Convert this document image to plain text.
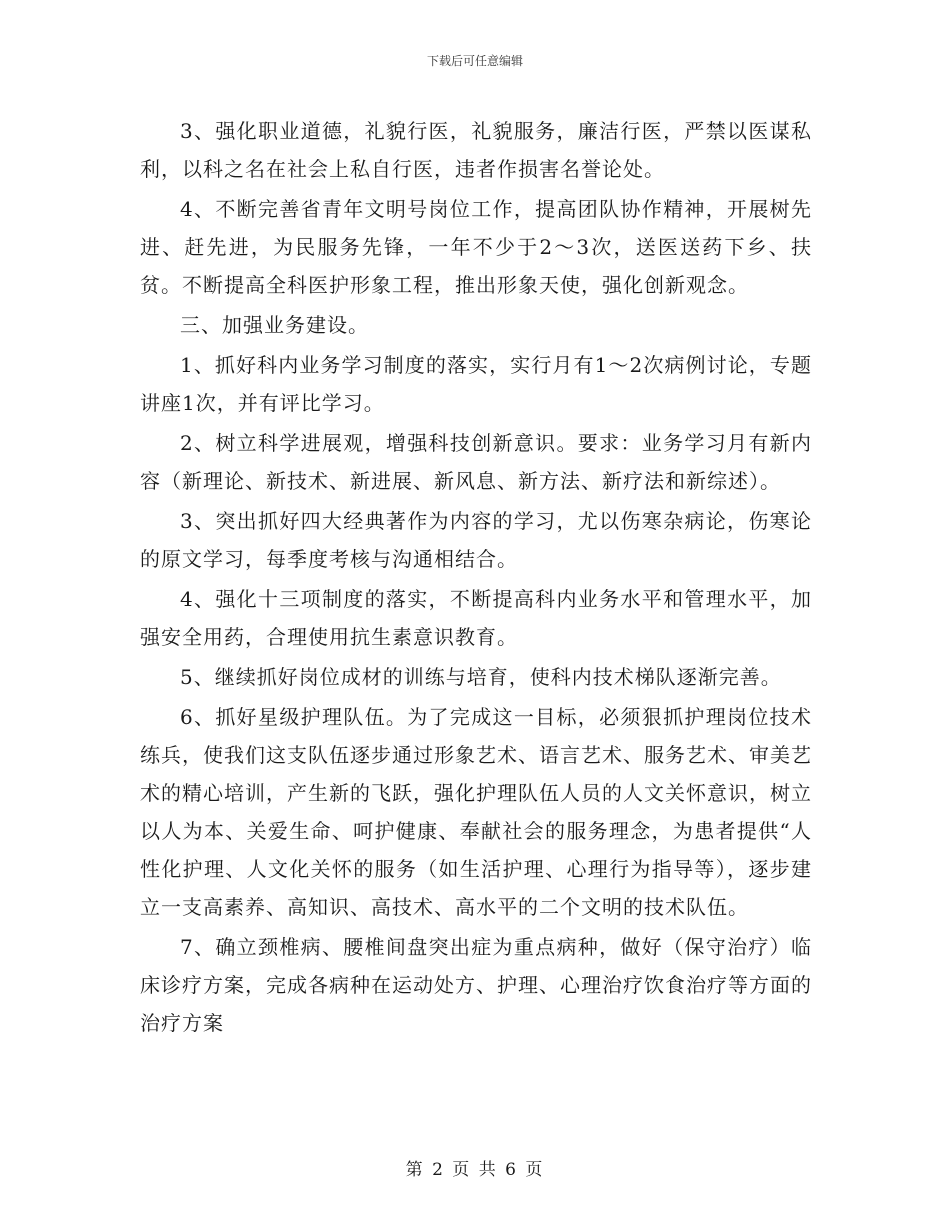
下载后可任意编辑

3、强化职业道德，礼貌行医，礼貌服务，廉洁行医，严禁以医谋私利，以科之名在社会上私自行医，违者作损害名誉论处。

4、不断完善省青年文明号岗位工作，提高团队协作精神，开展树先进、赶先进，为民服务先锋，一年不少于2～3次，送医送药下乡、扶贫。不断提高全科医护形象工程，推出形象天使，强化创新观念。

三、加强业务建设。

1、抓好科内业务学习制度的落实，实行月有1～2次病例讨论，专题讲座1次，并有评比学习。

2、树立科学进展观，增强科技创新意识。要求：业务学习月有新内容（新理论、新技术、新进展、新风息、新方法、新疗法和新综述）。

3、突出抓好四大经典著作为内容的学习，尤以伤寒杂病论，伤寒论的原文学习，每季度考核与沟通相结合。

4、强化十三项制度的落实，不断提高科内业务水平和管理水平，加强安全用药，合理使用抗生素意识教育。

5、继续抓好岗位成材的训练与培育，使科内技术梯队逐渐完善。

6、抓好星级护理队伍。为了完成这一目标，必须狠抓护理岗位技术练兵，使我们这支队伍逐步通过形象艺术、语言艺术、服务艺术、审美艺术的精心培训，产生新的飞跃，强化护理队伍人员的人文关怀意识，树立以人为本、关爱生命、呵护健康、奉献社会的服务理念，为患者提供“人性化护理、人文化关怀的服务（如生活护理、心理行为指导等），逐步建立一支高素养、高知识、高技术、高水平的二个文明的技术队伍。

7、确立颈椎病、腰椎间盘突出症为重点病种，做好（保守治疗）临床诊疗方案，完成各病种在运动处方、护理、心理治疗饮食治疗等方面的治疗方案

第 2 页 共 6 页
